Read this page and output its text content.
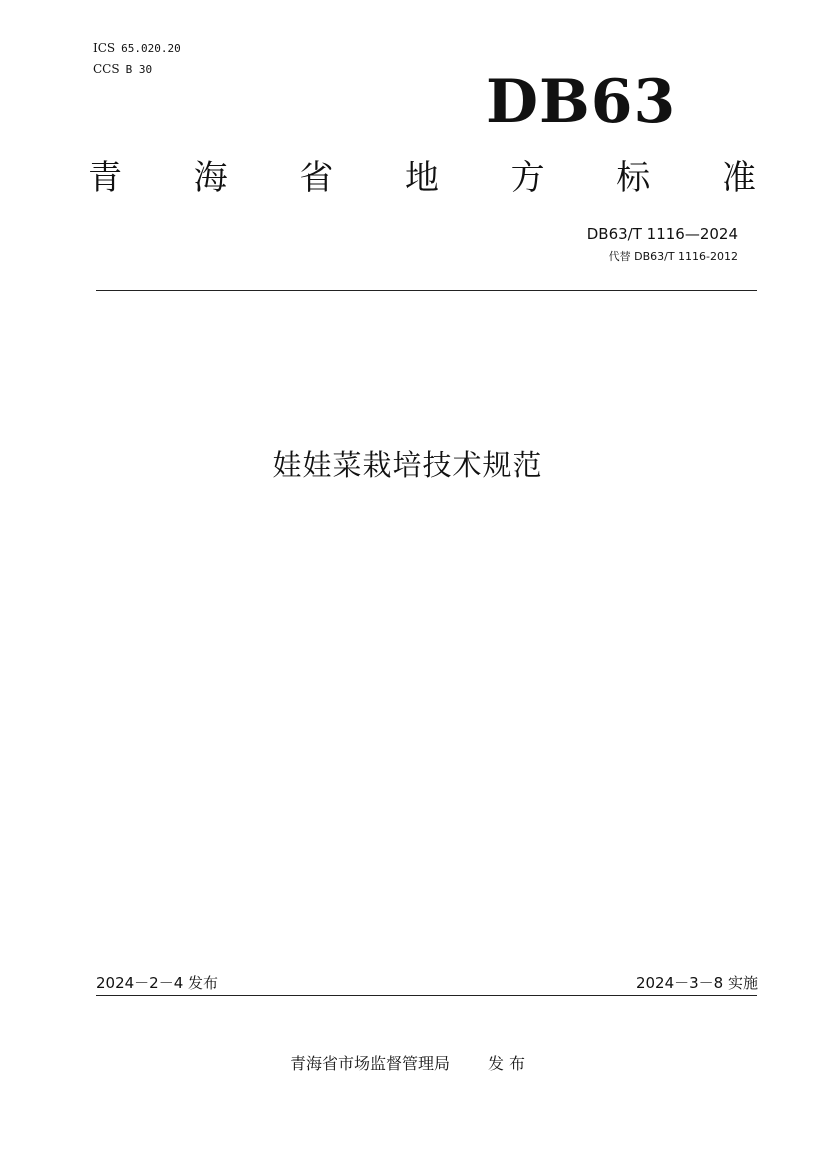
ICS 65.020.20
CCS B 30	DB63
青 海 省 地 方 标 准
DB63/T 1116—2024
代替 DB63/T 1116-2012
娃娃菜栽培技术规范
2024－2－4 发布	2024－3－8 实施
青海省市场监督管理局 发 布
